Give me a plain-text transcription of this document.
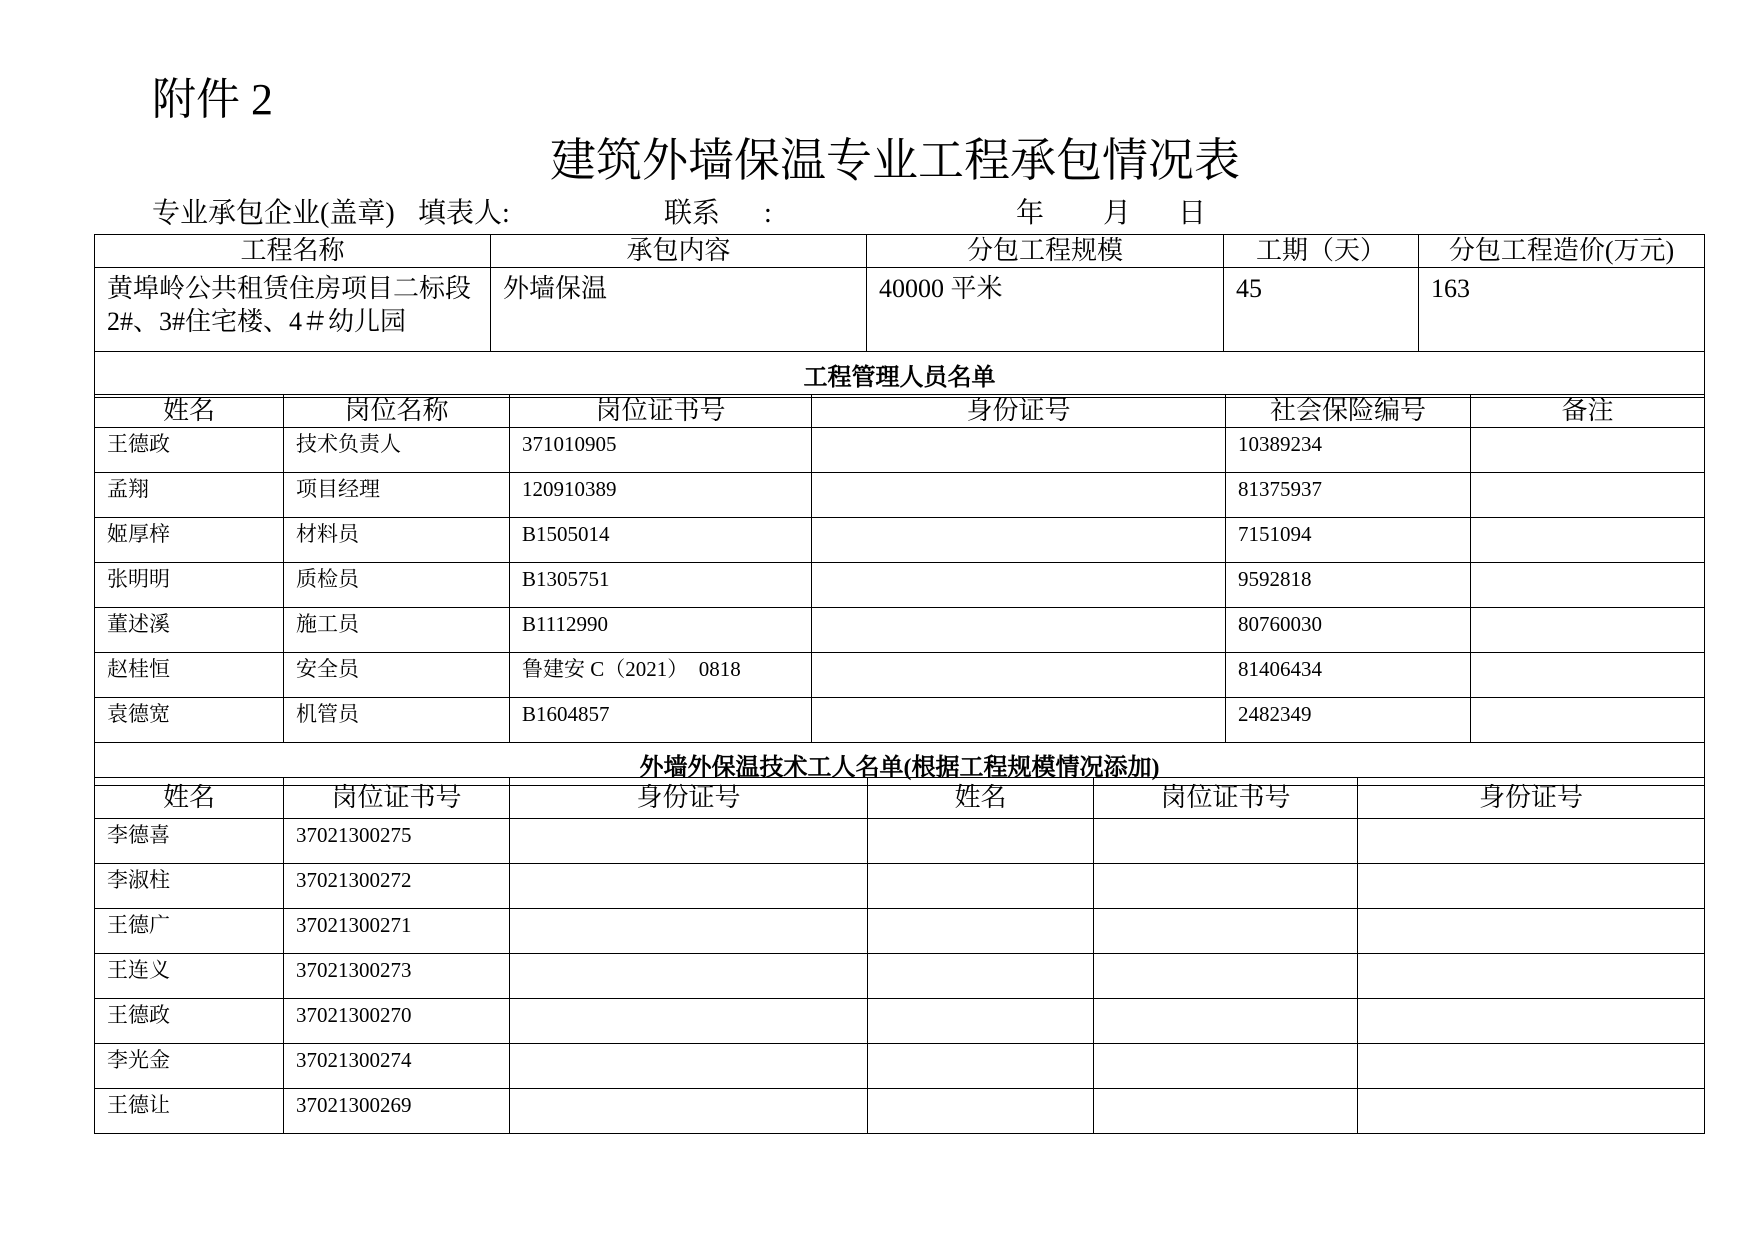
附件 2
建筑外墙保温专业工程承包情况表
专业承包企业(盖章) 填表人:	联系 :	年 月 日
工程名称	承包内容	分包工程规模	工期（天）	分包工程造价(万元)
黄埠岭公共租赁住房项目二标段2#、3#住宅楼、4＃幼儿园	外墙保温	40000 平米	45	163
工程管理人员名单				
姓名	岗位名称	岗位证书号	身份证号	社会保险编号	备注
王德政	技术负责人	371010905		10389234	
孟翔	项目经理	120910389		81375937	
姬厚梓	材料员	B1505014		7151094	
张明明	质检员	B1305751		9592818	
董述溪	施工员	B1112990		80760030	
赵桂恒	安全员	鲁建安 C（2021）　0818		81406434	
袁德宽	机管员	B1604857		2482349	
外墙外保温技术工人名单(根据工程规模情况添加)					
姓名	岗位证书号	身份证号	姓名	岗位证书号	身份证号
李德喜	37021300275				
李淑柱	37021300272				
王德广	37021300271				
王连义	37021300273				
王德政	37021300270				
李光金	37021300274				
王德让	37021300269				
